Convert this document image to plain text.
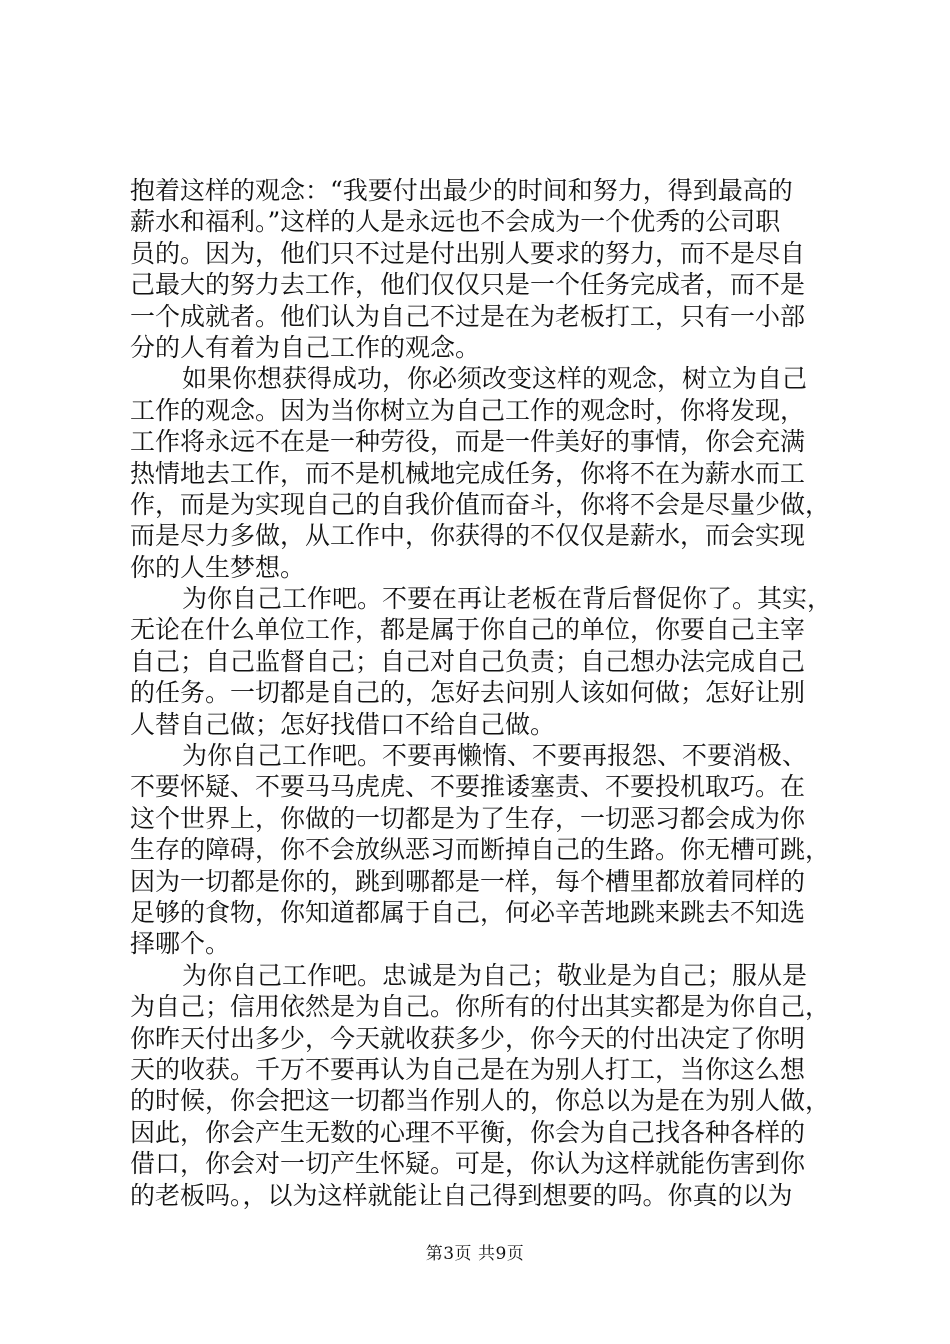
抱着这样的观念：“我要付出最少的时间和努力，得到最高的
薪水和福利。”这样的人是永远也不会成为一个优秀的公司职
员的。因为，他们只不过是付出别人要求的努力，而不是尽自
己最大的努力去工作，他们仅仅只是一个任务完成者，而不是
一个成就者。他们认为自己不过是在为老板打工，只有一小部
分的人有着为自己工作的观念。
如果你想获得成功，你必须改变这样的观念，树立为自己
工作的观念。因为当你树立为自己工作的观念时，你将发现，
工作将永远不在是一种劳役，而是一件美好的事情，你会充满
热情地去工作，而不是机械地完成任务，你将不在为薪水而工
作，而是为实现自己的自我价值而奋斗，你将不会是尽量少做，
而是尽力多做，从工作中，你获得的不仅仅是薪水，而会实现
你的人生梦想。
为你自己工作吧。不要在再让老板在背后督促你了。其实，
无论在什么单位工作，都是属于你自己的单位，你要自己主宰
自己；自己监督自己；自己对自己负责；自己想办法完成自己
的任务。一切都是自己的，怎好去问别人该如何做；怎好让别
人替自己做；怎好找借口不给自己做。
为你自己工作吧。不要再懒惰、不要再报怨、不要消极、
不要怀疑、不要马马虎虎、不要推诿塞责、不要投机取巧。在
这个世界上，你做的一切都是为了生存，一切恶习都会成为你
生存的障碍，你不会放纵恶习而断掉自己的生路。你无槽可跳，
因为一切都是你的，跳到哪都是一样，每个槽里都放着同样的
足够的食物，你知道都属于自己，何必辛苦地跳来跳去不知选
择哪个。
为你自己工作吧。忠诚是为自己；敬业是为自己；服从是
为自己；信用依然是为自己。你所有的付出其实都是为你自己，
你昨天付出多少，今天就收获多少，你今天的付出决定了你明
天的收获。千万不要再认为自己是在为别人打工，当你这么想
的时候，你会把这一切都当作别人的，你总以为是在为别人做，
因此，你会产生无数的心理不平衡，你会为自己找各种各样的
借口，你会对一切产生怀疑。可是，你认为这样就能伤害到你
的老板吗。，以为这样就能让自己得到想要的吗。你真的以为
第3页 共9页
